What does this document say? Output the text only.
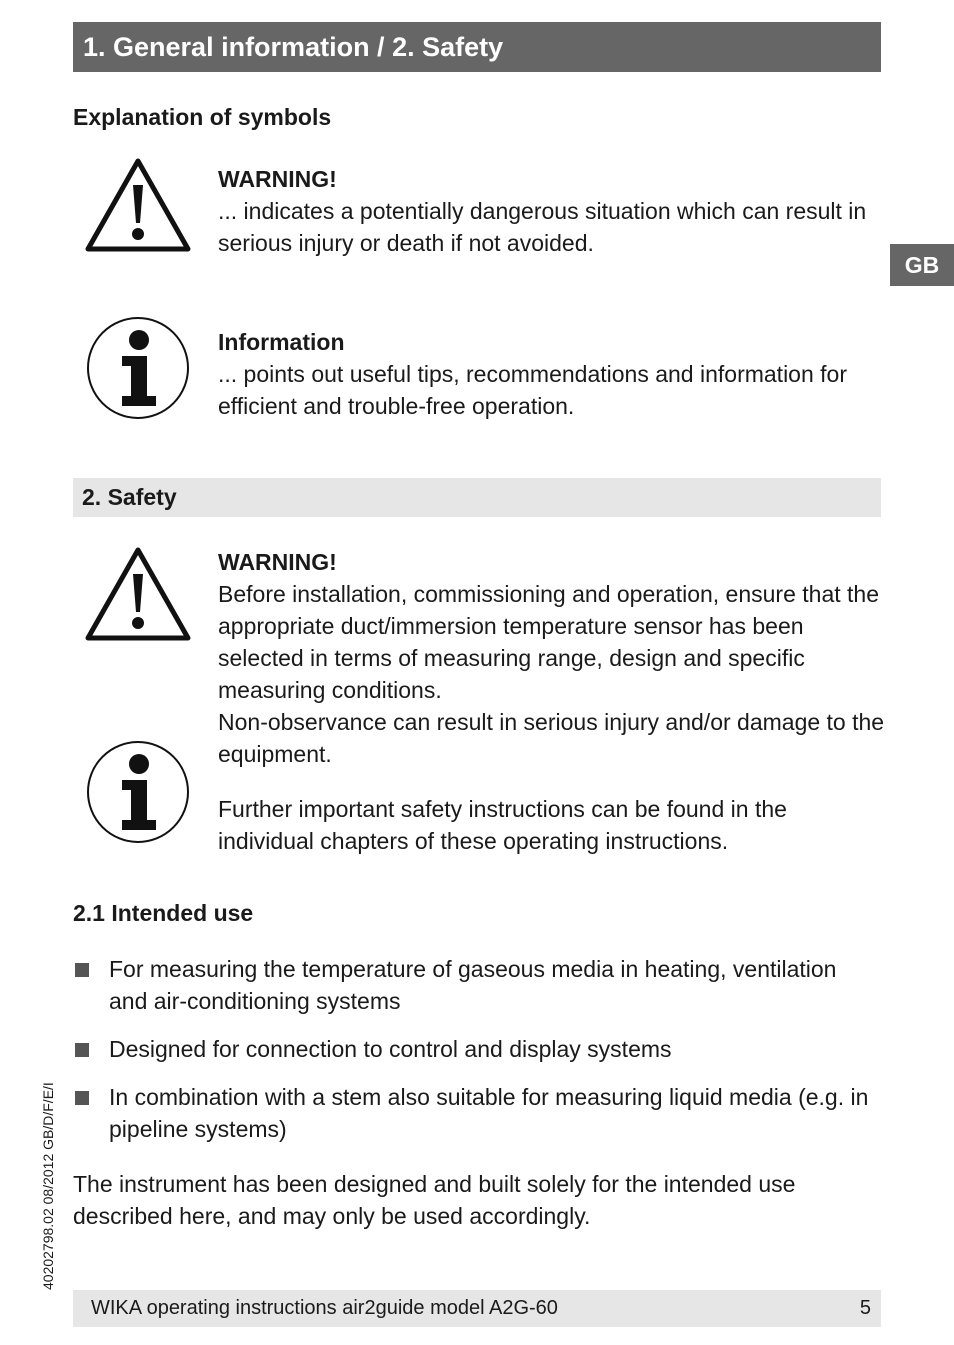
1. General information / 2. Safety
GB
Explanation of symbols
WARNING!
... indicates a potentially dangerous situation which can result in serious injury or death if not avoided.
Information
... points out useful tips, recommendations and information for efficient and trouble-free operation.
2. Safety
WARNING!
Before installation, commissioning and operation, ensure that the appropriate duct/immersion temperature sensor has been selected in terms of measuring range, design and specific measuring conditions.
Non-observance can result in serious injury and/or damage to the equipment.
Further important safety instructions can be found in the individual chapters of these operating instructions.
2.1 Intended use
For measuring the temperature of gaseous media in heating, ventilation and air-conditioning systems
Designed for connection to control and display systems
In combination with a stem also suitable for measuring liquid media (e.g. in pipeline systems)
The instrument has been designed and built solely for the intended use described here, and may only be used accordingly.
40202798.02 08/2012 GB/D/F/E/I
WIKA operating instructions air2guide model A2G-60	5
